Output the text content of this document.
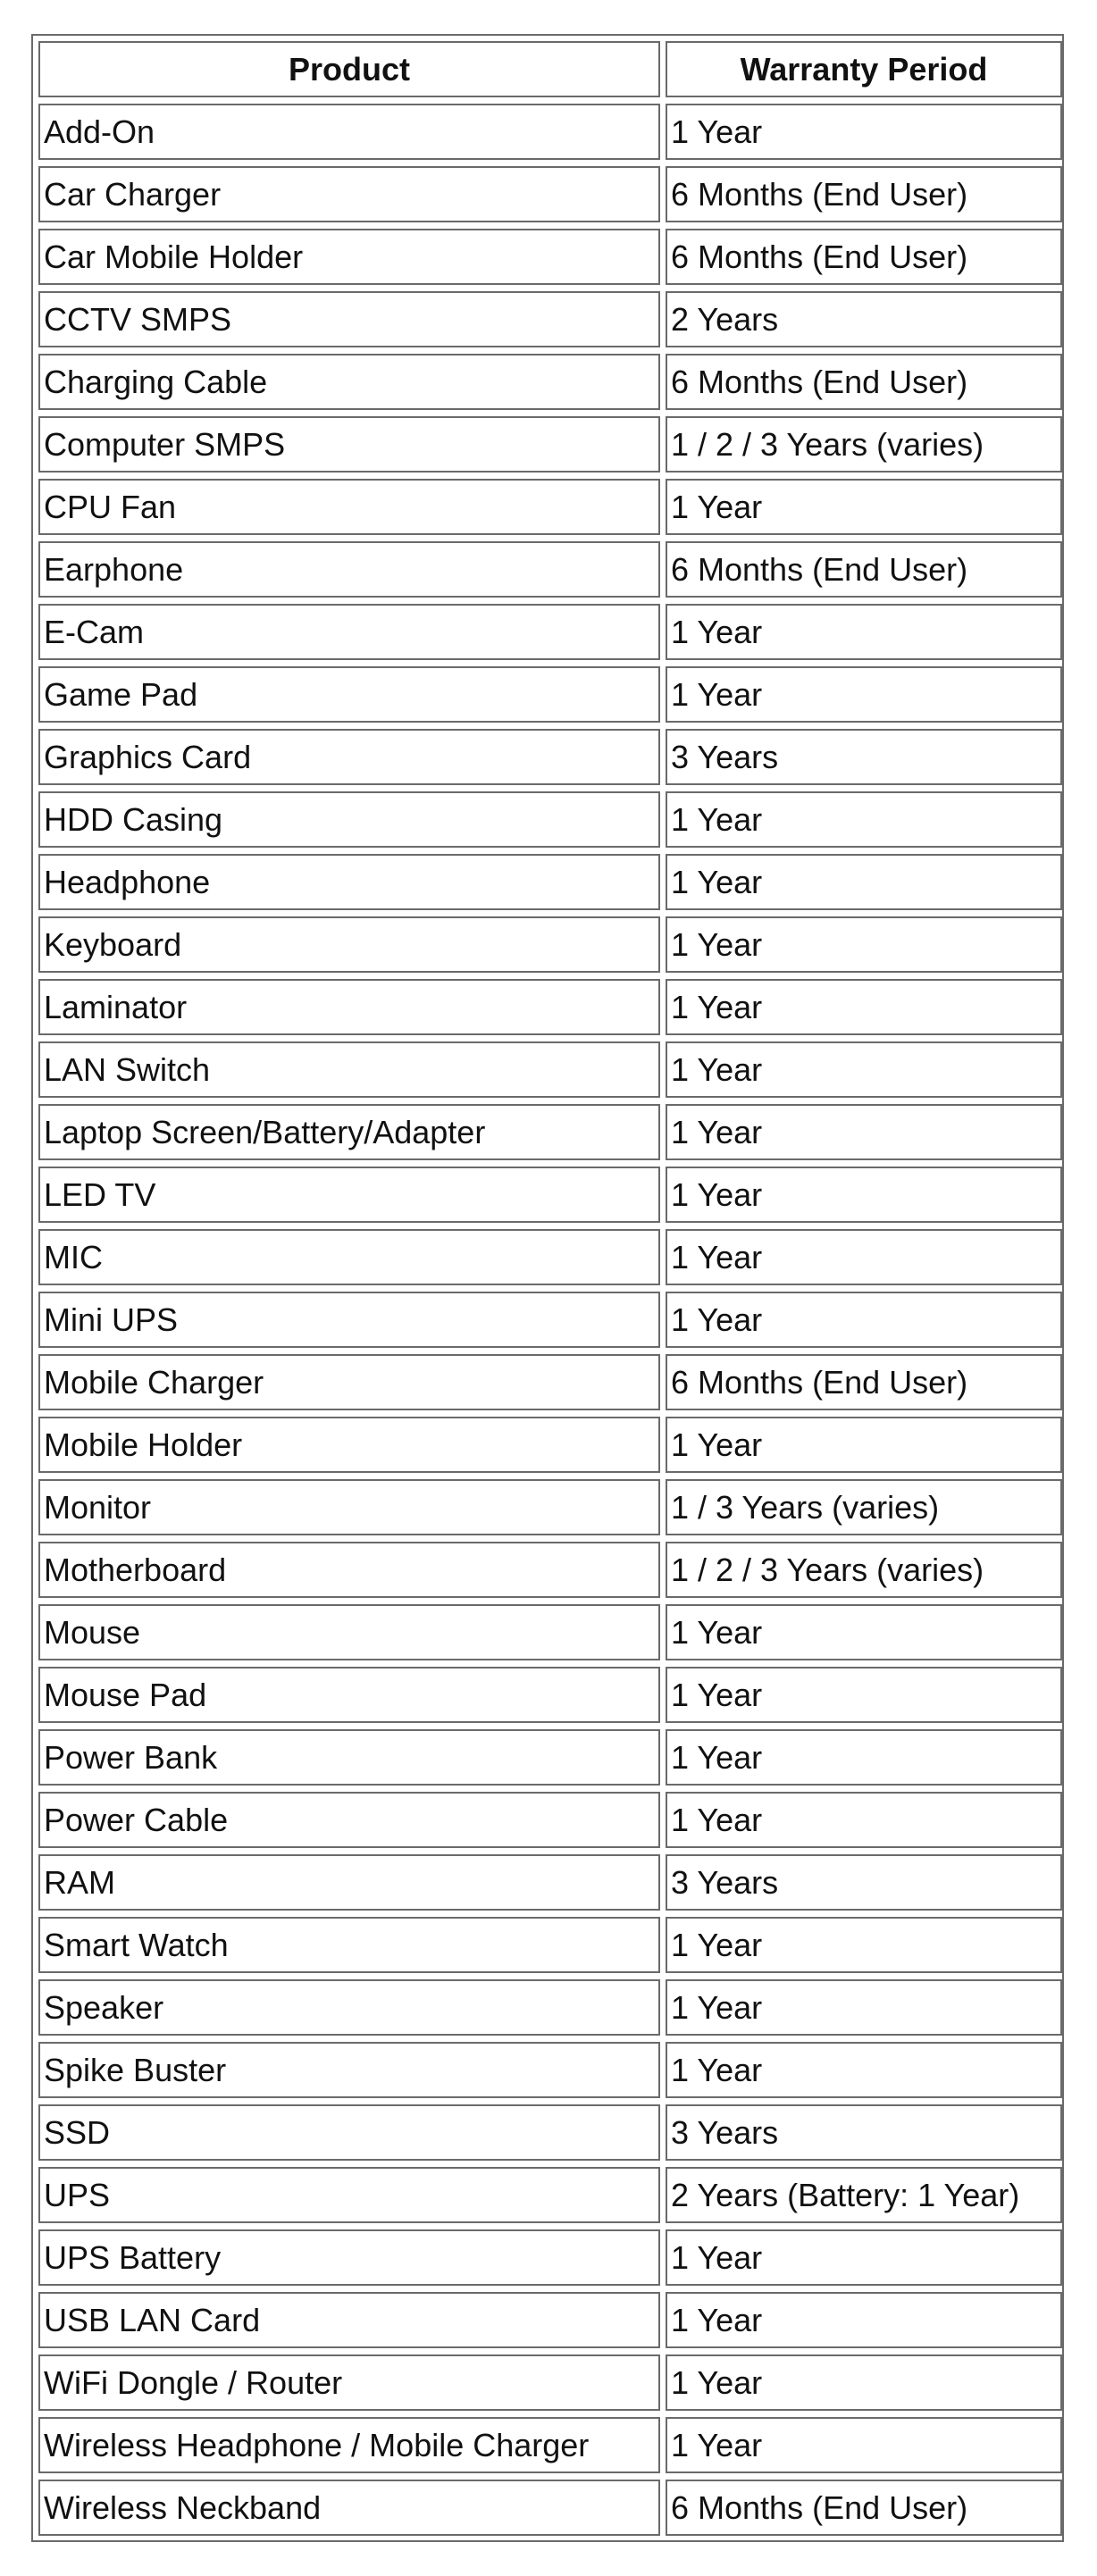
Product	Warranty Period
Add-On	1 Year
Car Charger	6 Months (End User)
Car Mobile Holder	6 Months (End User)
CCTV SMPS	2 Years
Charging Cable	6 Months (End User)
Computer SMPS	1 / 2 / 3 Years (varies)
CPU Fan	1 Year
Earphone	6 Months (End User)
E-Cam	1 Year
Game Pad	1 Year
Graphics Card	3 Years
HDD Casing	1 Year
Headphone	1 Year
Keyboard	1 Year
Laminator	1 Year
LAN Switch	1 Year
Laptop Screen/Battery/Adapter	1 Year
LED TV	1 Year
MIC	1 Year
Mini UPS	1 Year
Mobile Charger	6 Months (End User)
Mobile Holder	1 Year
Monitor	1 / 3 Years (varies)
Motherboard	1 / 2 / 3 Years (varies)
Mouse	1 Year
Mouse Pad	1 Year
Power Bank	1 Year
Power Cable	1 Year
RAM	3 Years
Smart Watch	1 Year
Speaker	1 Year
Spike Buster	1 Year
SSD	3 Years
UPS	2 Years (Battery: 1 Year)
UPS Battery	1 Year
USB LAN Card	1 Year
WiFi Dongle / Router	1 Year
Wireless Headphone / Mobile Charger	1 Year
Wireless Neckband	6 Months (End User)
